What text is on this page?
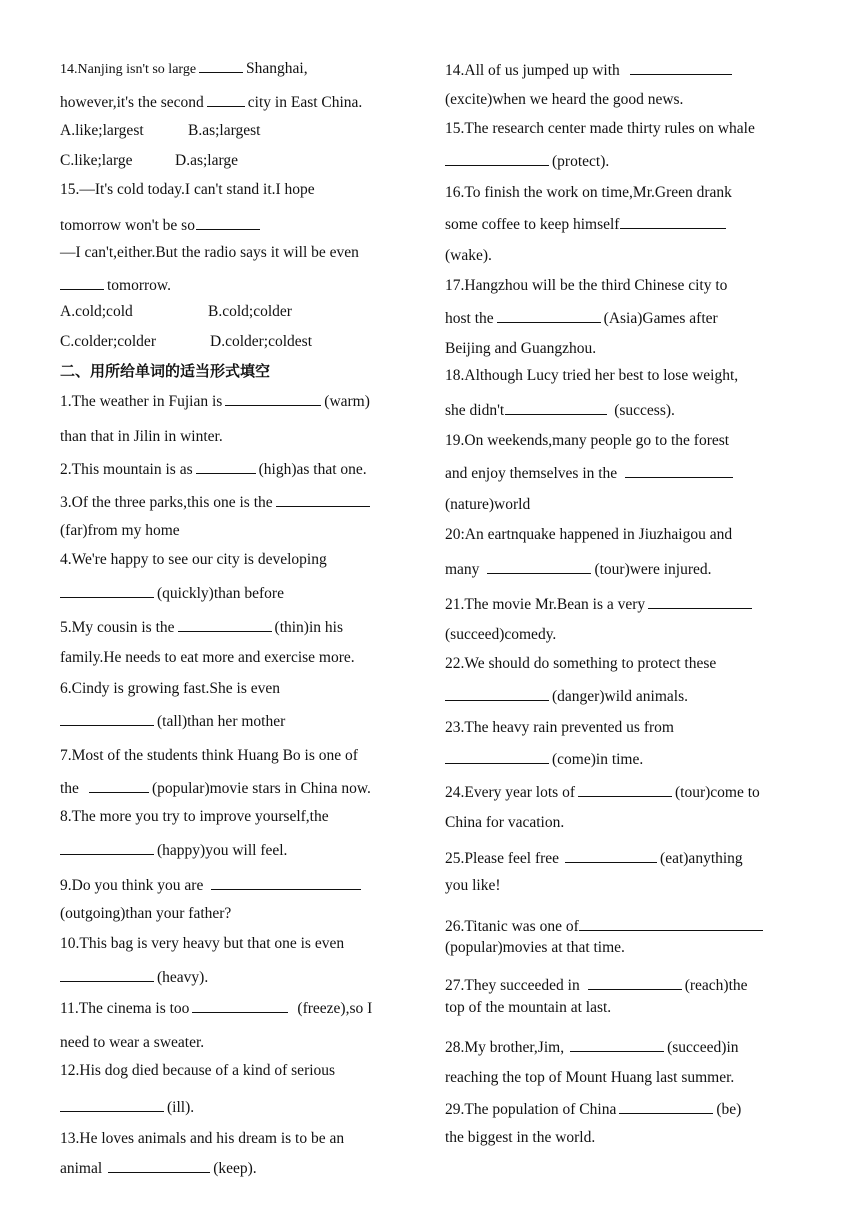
14.Nanjing isn't so large	Shanghai,
however,it's the second	city in East China.
A.like;largest	B.as;largest
C.like;large	D.as;large
15.—It's cold today.I can't stand it.I hope
tomorrow won't be so
—I can't,either.But the radio says it will be even
tomorrow.
A.cold;cold	B.cold;colder
C.colder;colder	D.colder;coldest
二、用所给单词的适当形式填空
1.The weather in Fujian is	(warm)
than that in Jilin in winter.
2.This mountain is as	(high)as that one.
3.Of the three parks,this one is the
(far)from my home
4.We're happy to see our city is developing
(quickly)than before
5.My cousin is the	(thin)in his
family.He needs to eat more and exercise more.
6.Cindy is growing fast.She is even
(tall)than her mother
7.Most of the students think Huang Bo is one of
the	(popular)movie stars in China now.
8.The more you try to improve yourself,the
(happy)you will feel.
9.Do you think you are
(outgoing)than your father?
10.This bag is very heavy but that one is even
(heavy).
11.The cinema is too	(freeze),so I
need to wear a sweater.
12.His dog died because of a kind of serious
(ill).
13.He loves animals and his dream is to be an
animal	(keep).
14.All of us jumped up with
(excite)when we heard the good news.
15.The research center made thirty rules on whale
(protect).
16.To finish the work on time,Mr.Green drank
some coffee to keep himself
(wake).
17.Hangzhou will be the third Chinese city to
host the	(Asia)Games after
Beijing and Guangzhou.
18.Although Lucy tried her best to lose weight,
she didn't	(success).
19.On weekends,many people go to the forest
and enjoy themselves in the
(nature)world
20:An eartnquake happened in Jiuzhaigou and
many	(tour)were injured.
21.The movie Mr.Bean is a very
(succeed)comedy.
22.We should do something to protect these
(danger)wild animals.
23.The heavy rain prevented us from
(come)in time.
24.Every year lots of	(tour)come to
China for vacation.
25.Please feel free	(eat)anything
you like!
26.Titanic was one of
(popular)movies at that time.
27.They succeeded in	(reach)the
top of the mountain at last.
28.My brother,Jim,	(succeed)in
reaching the top of Mount Huang last summer.
29.The population of China	(be)
the biggest in the world.
